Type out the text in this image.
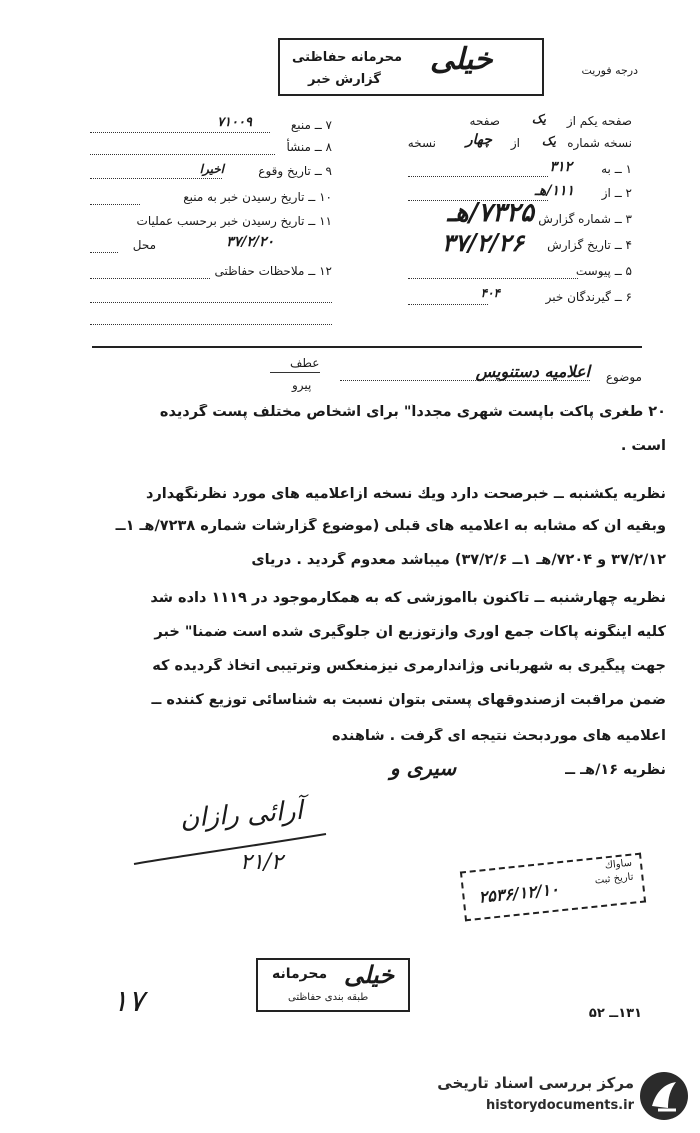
درجه فوریت
خیلی
محرمانه حفاظتی
گزارش خبر
۷ ــ منبع
۷۱۰۰۹
۸ ــ منشأ
۹ ــ تاریخ وقوع
اخیرا
۱۰ ــ تاریخ رسیدن خبر به منبع
۱۱ ــ تاریخ رسیدن خبر برحسب عملیات
محل	۳۷/۲/۲۰
۱۲ ــ ملاحظات حفاظتی
صفحه یکم از
یک
صفحه
نسخه شماره
یک
از
چهار
نسخه
۱ ــ به
۳۱۲
۲ ــ از
۱۱۱/هـ
۳ ــ شماره گزارش
۷۳۲۵/هـ
۴ ــ تاریخ گزارش
۳۷/۲/۲۶
۵ ــ پیوست
۶ ــ گیرندگان خبر
۴۰۴
موضوع
اعلامیه دستنویس
عطف
پیرو
۲۰ طغری پاکت باپست شهری مجدداً" برای اشخاص مختلف پست گردیده
است .
نظریه یکشنبه ــ خبرصحت دارد ویك نسخه ازاعلامیه های مورد نظرنگهدارد
وبقیه آن که مشابه به اعلامیه های قبلی (موضوع گزارشات شماره ۷۲۳۸/هـ ۱ــ
۳۷/۲/۱۲ و ۷۲۰۴/هـ ۱ــ ۳۷/۲/۶) میباشد معدوم گردید . دریای
نظریه چهارشنبه ــ تاکنون باآموزشی که به همکارموجود در ۱۱۱۹ داده شد
کلیه اینگونه پاکات جمع آوری وازتوزیع آن جلوگیری شده است ضمنا" خبر
جهت پیگیری به شهربانی وژاندارمری نیزمنعکس وترتیبی اتخاذ گردیده که
ضمن مراقبت ازصندوقهای پستی بتوان نسبت به شناسائی توزیع کننده ــ
اعلامیه های موردبحث نتیجه ای گرفت . شاهنده
نظریه ۱۶/هـ ــ
سیری و
آرائی رازان
۲۱/۲	ساواك
تاریخ ثبت
۲۵۳۶/۱۲/۱۰
خیلی
محرمانه
طبقه بندی حفاظتی
۱۳۱ــ ۵۲
۱۷
مرکز بررسی اسناد تاریخی
historydocuments.ir
